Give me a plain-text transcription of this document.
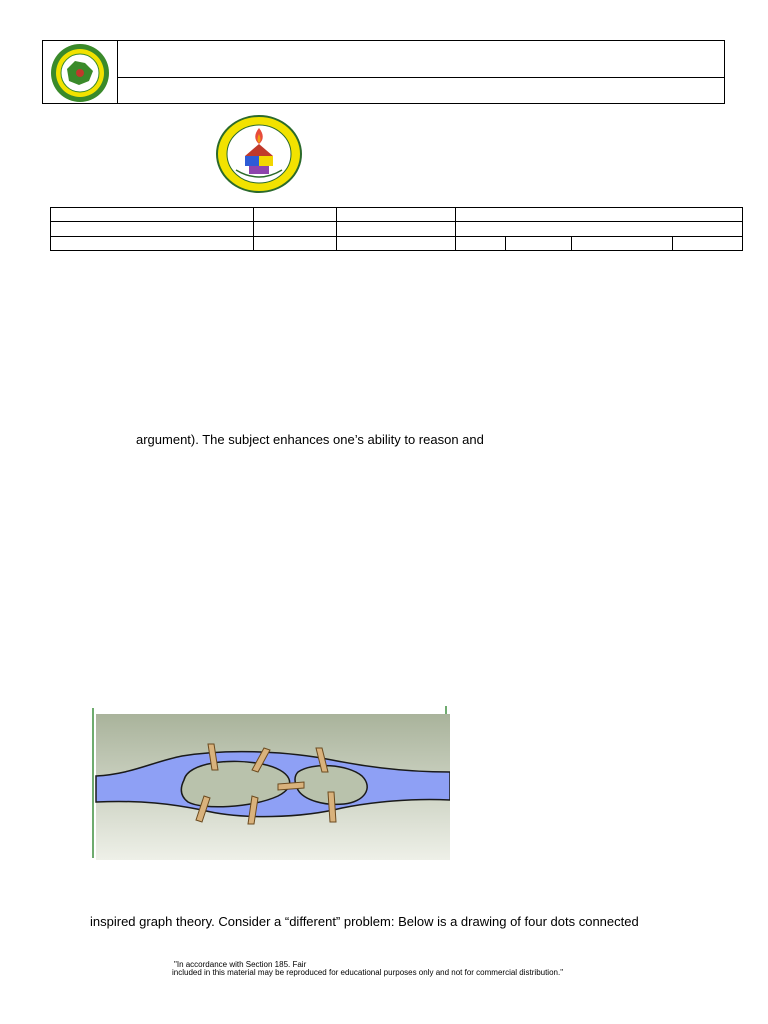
argument). The subject enhances one’s ability to reason and
inspired graph theory. Consider a “different” problem: Below is a drawing of four dots connected
"In accordance with Section 185. Fair
included in this material may be reproduced for educational purposes only and not for commercial distribution."
